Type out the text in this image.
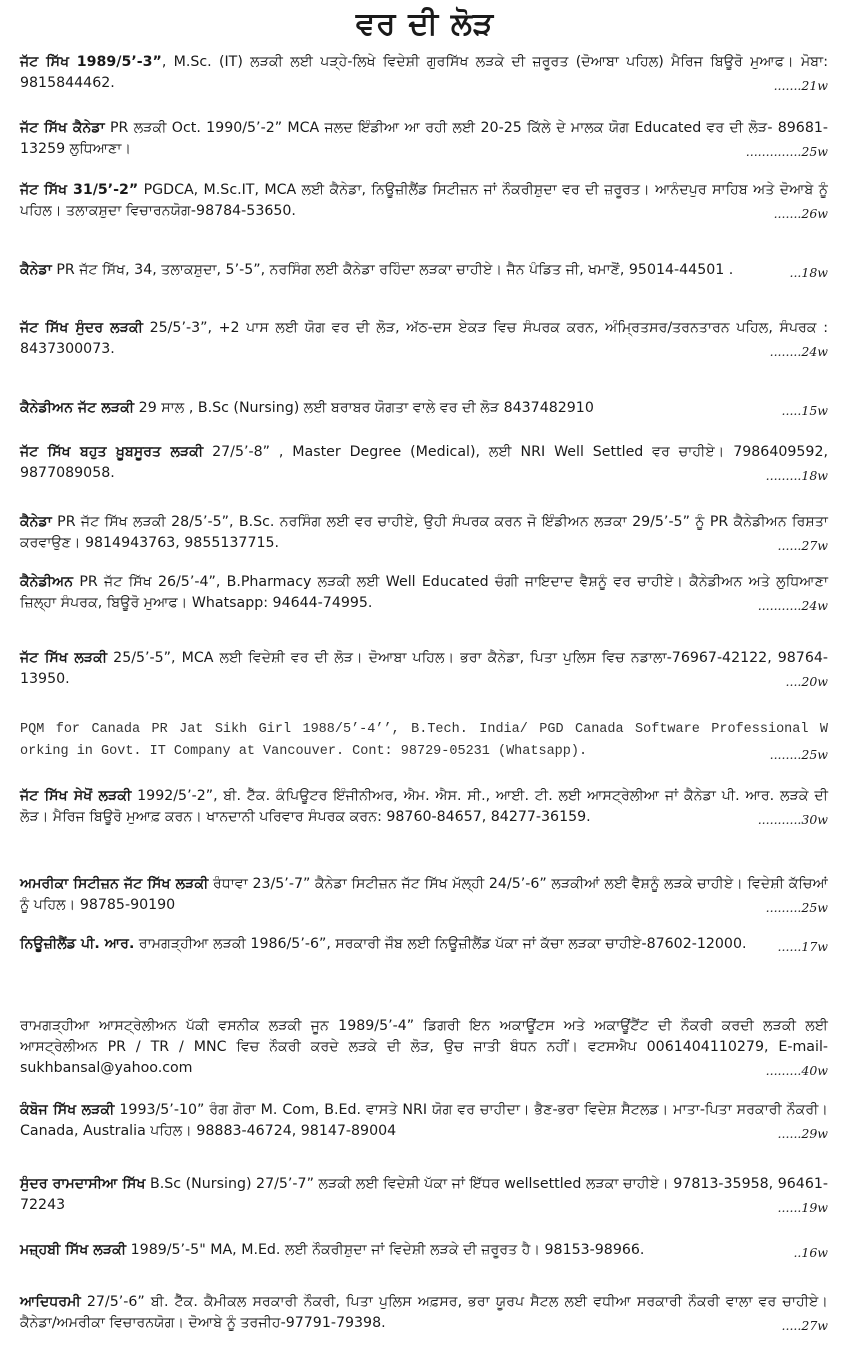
ਵਰ ਦੀ ਲੋੜ
ਜੱਟ ਸਿੱਖ 1989/5’-3”, M.Sc. (IT) ਲੜਕੀ ਲਈ ਪੜ੍ਹੇ-ਲਿਖੇ ਵਿਦੇਸ਼ੀ ਗੁਰਸਿੱਖ ਲੜਕੇ ਦੀ ਜ਼ਰੂਰਤ (ਦੋਆਬਾ ਪਹਿਲ) ਮੈਰਿਜ ਬਿਊਰੋ ਮੁਆਫ। ਮੋਬਾ: 9815844462.	.......21w
ਜੱਟ ਸਿੱਖ ਕੈਨੇਡਾ PR ਲੜਕੀ Oct. 1990/5’-2” MCA ਜਲਦ ਇੰਡੀਆ ਆ ਰਹੀ ਲਈ 20-25 ਕਿੱਲੇ ਦੇ ਮਾਲਕ ਯੋਗ Educated ਵਰ ਦੀ ਲੋੜ- 89681-13259 ਲੁਧਿਆਣਾ।	..............25w
ਜੱਟ ਸਿੱਖ 31/5’-2” PGDCA, M.Sc.IT, MCA ਲਈ ਕੈਨੇਡਾ, ਨਿਊਜ਼ੀਲੈਂਡ ਸਿਟੀਜ਼ਨ ਜਾਂ ਨੌਕਰੀਸ਼ੁਦਾ ਵਰ ਦੀ ਜ਼ਰੂਰਤ। ਆਨੰਦਪੁਰ ਸਾਹਿਬ ਅਤੇ ਦੋਆਬੇ ਨੂੰ ਪਹਿਲ। ਤਲਾਕਸ਼ੁਦਾ ਵਿਚਾਰਨਯੋਗ-98784-53650.	.......26w
ਕੈਨੇਡਾ PR ਜੱਟ ਸਿੱਖ, 34, ਤਲਾਕਸ਼ੁਦਾ, 5’-5”, ਨਰਸਿੰਗ ਲਈ ਕੈਨੇਡਾ ਰਹਿੰਦਾ ਲੜਕਾ ਚਾਹੀਏ। ਜੈਨ ਪੰਡਿਤ ਜੀ, ਖਮਾਣੋਂ, 95014-44501 .	...18w
ਜੱਟ ਸਿੱਖ ਸੁੰਦਰ ਲੜਕੀ 25/5’-3”, +2 ਪਾਸ ਲਈ ਯੋਗ ਵਰ ਦੀ ਲੋੜ, ਅੱਠ-ਦਸ ਏਕੜ ਵਿਚ ਸੰਪਰਕ ਕਰਨ, ਅੰਮ੍ਰਿਤਸਰ/ਤਰਨਤਾਰਨ ਪਹਿਲ, ਸੰਪਰਕ : 8437300073.	........24w
ਕੈਨੇਡੀਅਨ ਜੱਟ ਲੜਕੀ 29 ਸਾਲ , B.Sc (Nursing) ਲਈ ਬਰਾਬਰ ਯੋਗਤਾ ਵਾਲੇ ਵਰ ਦੀ ਲੋੜ 8437482910	.....15w
ਜੱਟ ਸਿੱਖ ਬਹੁਤ ਖ਼ੂਬਸੂਰਤ ਲੜਕੀ 27/5’-8” , Master Degree (Medical), ਲਈ NRI Well Settled ਵਰ ਚਾਹੀਏ। 7986409592, 9877089058.	.........18w
ਕੈਨੇਡਾ PR ਜੱਟ ਸਿੱਖ ਲੜਕੀ 28/5’-5”, B.Sc. ਨਰਸਿੰਗ ਲਈ ਵਰ ਚਾਹੀਏ, ਉਹੀ ਸੰਪਰਕ ਕਰਨ ਜੋ ਇੰਡੀਅਨ ਲੜਕਾ 29/5’-5” ਨੂੰ PR ਕੈਨੇਡੀਅਨ ਰਿਸ਼ਤਾ ਕਰਵਾਉਣ। 9814943763, 9855137715.	......27w
ਕੈਨੇਡੀਅਨ PR ਜੱਟ ਸਿੱਖ 26/5’-4”, B.Pharmacy ਲੜਕੀ ਲਈ Well Educated ਚੰਗੀ ਜਾਇਦਾਦ ਵੈਸ਼ਨੂੰ ਵਰ ਚਾਹੀਏ। ਕੈਨੇਡੀਅਨ ਅਤੇ ਲੁਧਿਆਣਾ ਜ਼ਿਲ੍ਹਾ ਸੰਪਰਕ, ਬਿਊਰੋ ਮੁਆਫ। Whatsapp: 94644-74995.	...........24w
ਜੱਟ ਸਿੱਖ ਲੜਕੀ 25/5’-5”, MCA ਲਈ ਵਿਦੇਸ਼ੀ ਵਰ ਦੀ ਲੋੜ। ਦੋਆਬਾ ਪਹਿਲ। ਭਰਾ ਕੈਨੇਡਾ, ਪਿਤਾ ਪੁਲਿਸ ਵਿਚ ਨਡਾਲਾ-76967-42122, 98764-13950.	....20w
PQM for Canada PR Jat Sikh Girl 1988/5’-4’’, B.Tech. India/ PGD Canada Software Professional W orking in Govt. IT Company at Vancouver. Cont: 98729-05231 (Whatsapp).	........25w
ਜੱਟ ਸਿੱਖ ਸੇਖੋਂ ਲੜਕੀ 1992/5’-2”, ਬੀ. ਟੈੱਕ. ਕੰਪਿਊਟਰ ਇੰਜੀਨੀਅਰ, ਐਮ. ਐਸ. ਸੀ., ਆਈ. ਟੀ. ਲਈ ਆਸਟ੍ਰੇਲੀਆ ਜਾਂ ਕੈਨੇਡਾ ਪੀ. ਆਰ. ਲੜਕੇ ਦੀ ਲੋੜ। ਮੈਰਿਜ ਬਿਊਰੋ ਮੁਆਫ਼ ਕਰਨ। ਖਾਨਦਾਨੀ ਪਰਿਵਾਰ ਸੰਪਰਕ ਕਰਨ: 98760-84657, 84277-36159.	...........30w
ਅਮਰੀਕਾ ਸਿਟੀਜ਼ਨ ਜੱਟ ਸਿੱਖ ਲੜਕੀ ਰੰਧਾਵਾ 23/5’-7” ਕੈਨੇਡਾ ਸਿਟੀਜ਼ਨ ਜੱਟ ਸਿੱਖ ਮੱਲ੍ਹੀ 24/5’-6” ਲੜਕੀਆਂ ਲਈ ਵੈਸ਼ਨੂੰ ਲੜਕੇ ਚਾਹੀਏ। ਵਿਦੇਸ਼ੀ ਕੱਚਿਆਂ ਨੂੰ ਪਹਿਲ। 98785-90190	.........25w
ਨਿਊਜ਼ੀਲੈਂਡ ਪੀ. ਆਰ. ਰਾਮਗੜ੍ਹੀਆ ਲੜਕੀ 1986/5’-6”, ਸਰਕਾਰੀ ਜੌਬ ਲਈ ਨਿਊਜ਼ੀਲੈਂਡ ਪੱਕਾ ਜਾਂ ਕੱਚਾ ਲੜਕਾ ਚਾਹੀਏ-87602-12000. ......17w
ਰਾਮਗੜ੍ਹੀਆ ਆਸਟ੍ਰੇਲੀਅਨ ਪੱਕੀ ਵਸਨੀਕ ਲੜਕੀ ਜੂਨ 1989/5’-4” ਡਿਗਰੀ ਇਨ ਅਕਾਊਂਟਸ ਅਤੇ ਅਕਾਊਂਟੈਂਟ ਦੀ ਨੌਕਰੀ ਕਰਦੀ ਲੜਕੀ ਲਈ ਆਸਟ੍ਰੇਲੀਅਨ PR / TR / MNC ਵਿਚ ਨੌਕਰੀ ਕਰਦੇ ਲੜਕੇ ਦੀ ਲੋੜ, ਉਚ ਜਾਤੀ ਬੰਧਨ ਨਹੀਂ। ਵਟਸਐਪ 0061404110279, E-mail- sukhbansal@yahoo.com	.........40w
ਕੰਬੋਜ ਸਿੱਖ ਲੜਕੀ 1993/5’-10” ਰੰਗ ਗੋਰਾ M. Com, B.Ed. ਵਾਸਤੇ NRI ਯੋਗ ਵਰ ਚਾਹੀਦਾ। ਭੈਣ-ਭਰਾ ਵਿਦੇਸ਼ ਸੈਟਲਡ। ਮਾਤਾ-ਪਿਤਾ ਸਰਕਾਰੀ ਨੌਕਰੀ। Canada, Australia ਪਹਿਲ। 98883-46724, 98147-89004	......29w
ਸੁੰਦਰ ਰਾਮਦਾਸੀਆ ਸਿੱਖ B.Sc (Nursing) 27/5’-7” ਲੜਕੀ ਲਈ ਵਿਦੇਸ਼ੀ ਪੱਕਾ ਜਾਂ ਇੱਧਰ wellsettled ਲੜਕਾ ਚਾਹੀਏ। 97813-35958, 96461-72243	......19w
ਮਜ਼੍ਹਬੀ ਸਿੱਖ ਲੜਕੀ 1989/5’-5" MA, M.Ed. ਲਈ ਨੌਕਰੀਸ਼ੁਦਾ ਜਾਂ ਵਿਦੇਸ਼ੀ ਲੜਕੇ ਦੀ ਜ਼ਰੂਰਤ ਹੈ। 98153-98966.	..16w
ਆਦਿਧਰਮੀ 27/5’-6” ਬੀ. ਟੈੱਕ. ਕੈਮੀਕਲ ਸਰਕਾਰੀ ਨੌਕਰੀ, ਪਿਤਾ ਪੁਲਿਸ ਅਫ਼ਸਰ, ਭਰਾ ਯੂਰਪ ਸੈਟਲ ਲਈ ਵਧੀਆ ਸਰਕਾਰੀ ਨੌਕਰੀ ਵਾਲਾ ਵਰ ਚਾਹੀਏ। ਕੈਨੇਡਾ/ਅਮਰੀਕਾ ਵਿਚਾਰਨਯੋਗ। ਦੋਆਬੇ ਨੂੰ ਤਰਜੀਹ-97791-79398.	.....27w
